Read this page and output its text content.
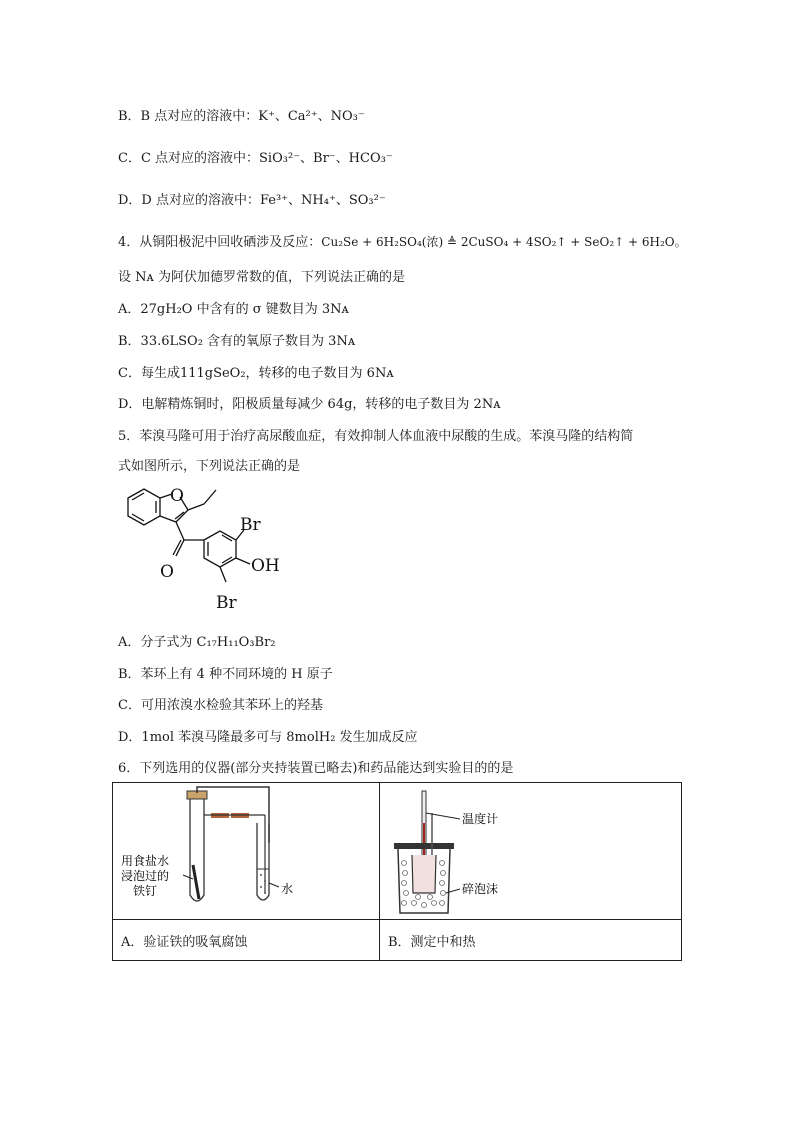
B．B 点对应的溶液中：K⁺、Ca²⁺、NO₃⁻
C．C 点对应的溶液中：SiO₃²⁻、Br⁻、HCO₃⁻
D．D 点对应的溶液中：Fe³⁺、NH₄⁺、SO₃²⁻
4．从铜阳极泥中回收硒涉及反应：Cu₂Se + 6H₂SO₄(浓) ≜ 2CuSO₄ + 4SO₂↑ + SeO₂↑ + 6H₂O。
设 Nᴀ 为阿伏加德罗常数的值，下列说法正确的是
A．27gH₂O 中含有的 σ 键数目为 3Nᴀ
B．33.6LSO₂ 含有的氧原子数目为 3Nᴀ
C．每生成111gSeO₂，转移的电子数目为 6Nᴀ
D．电解精炼铜时，阳极质量每减少 64g，转移的电子数目为 2Nᴀ
5．苯溴马隆可用于治疗高尿酸血症，有效抑制人体血液中尿酸的生成。苯溴马隆的结构简
式如图所示，下列说法正确的是
O
Br
OH
O
Br
A．分子式为 C₁₇H₁₁O₃Br₂
B．苯环上有 4 种不同环境的 H 原子
C．可用浓溴水检验其苯环上的羟基
D．1mol 苯溴马隆最多可与 8molH₂ 发生加成反应
6．下列选用的仪器(部分夹持装置已略去)和药品能达到实验目的的是
用食盐水
浸泡过的
铁钉 水	温度计
碎泡沫

A．验证铁的吸氧腐蚀	B．测定中和热
